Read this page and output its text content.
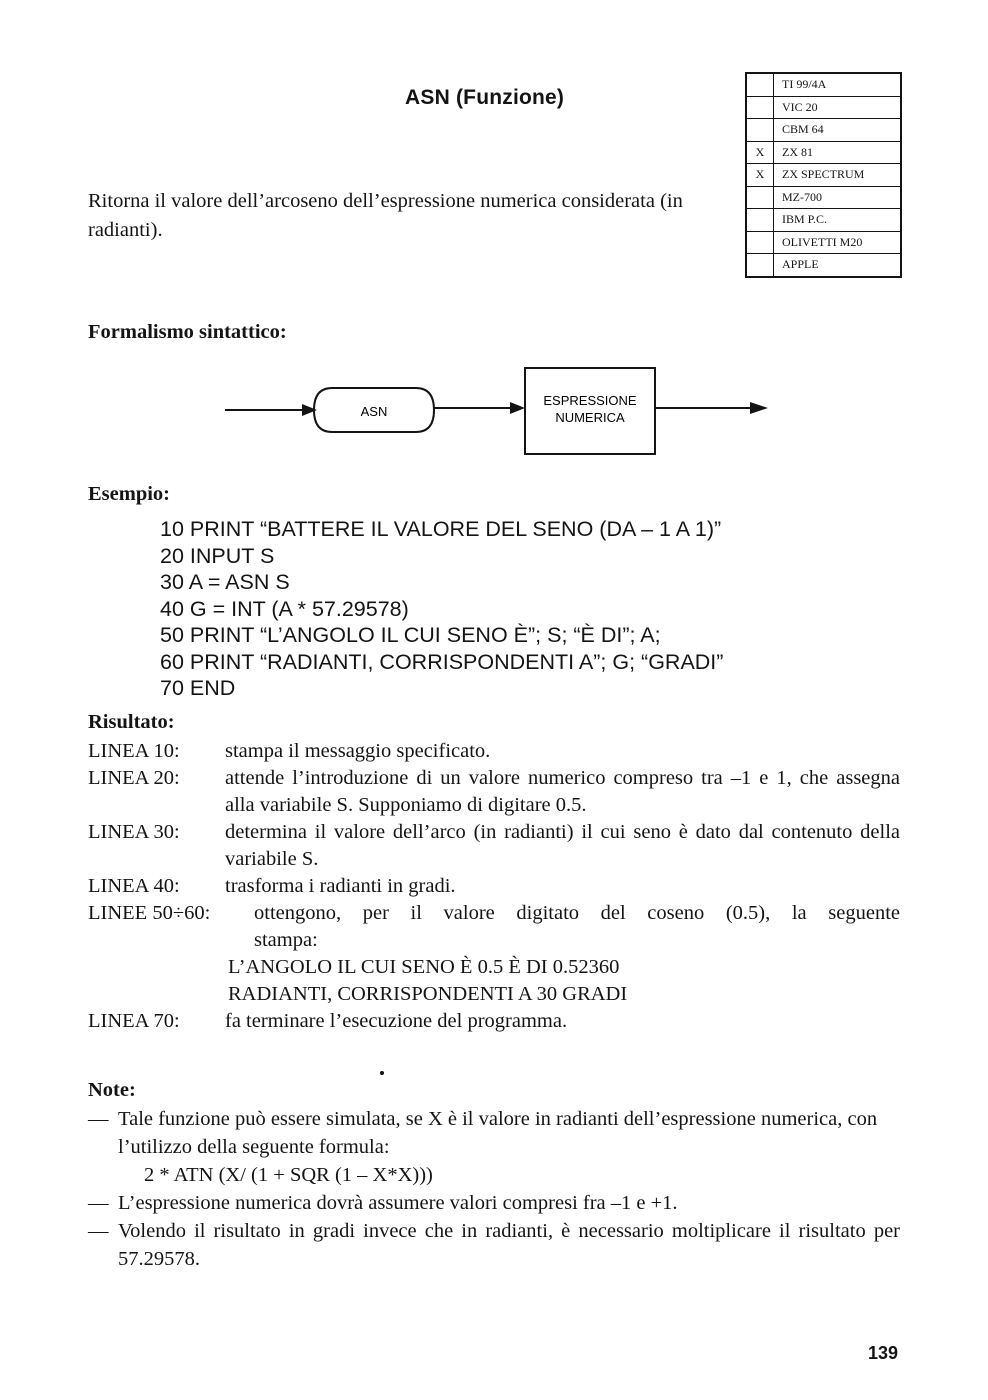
ASN (Funzione)
Ritorna il valore dell’arcoseno dell’espressione numerica considerata (in radianti).
	TI 99/4A
	VIC 20
	CBM 64
X	ZX 81
X	ZX SPECTRUM
	MZ-700
	IBM P.C.
	OLIVETTI M20
	APPLE
Formalismo sintattico:
ASN
ESPRESSIONE
NUMERICA
Esempio:
10 PRINT “BATTERE IL VALORE DEL SENO (DA – 1 A 1)”
20 INPUT S
30 A = ASN S
40 G = INT (A * 57.29578)
50 PRINT “L’ANGOLO IL CUI SENO È”; S; “È DI”; A;
60 PRINT “RADIANTI, CORRISPONDENTI A”; G; “GRADI”
70 END
Risultato:
LINEA 10: stampa il messaggio specificato.
LINEA 20: attende l’introduzione di un valore numerico compreso tra –1 e 1, che assegna alla variabile S. Supponiamo di digitare 0.5.
LINEA 30: determina il valore dell’arco (in radianti) il cui seno è dato dal contenuto della variabile S.
LINEA 40: trasforma i radianti in gradi.
LINEE 50÷60:	ottengono, per il valore digitato del coseno (0.5), la seguente
stampa:
L’ANGOLO IL CUI SENO È 0.5 È DI 0.52360
RADIANTI, CORRISPONDENTI A 30 GRADI
LINEA 70: fa terminare l’esecuzione del programma.
Note:
— Tale funzione può essere simulata, se X è il valore in radianti dell’espressione numerica, con l’utilizzo della seguente formula:
2 * ATN (X/ (1 + SQR (1 – X*X)))
— L’espressione numerica dovrà assumere valori compresi fra –1 e +1.
— Volendo il risultato in gradi invece che in radianti, è necessario moltiplicare il risultato per 57.29578.
139
